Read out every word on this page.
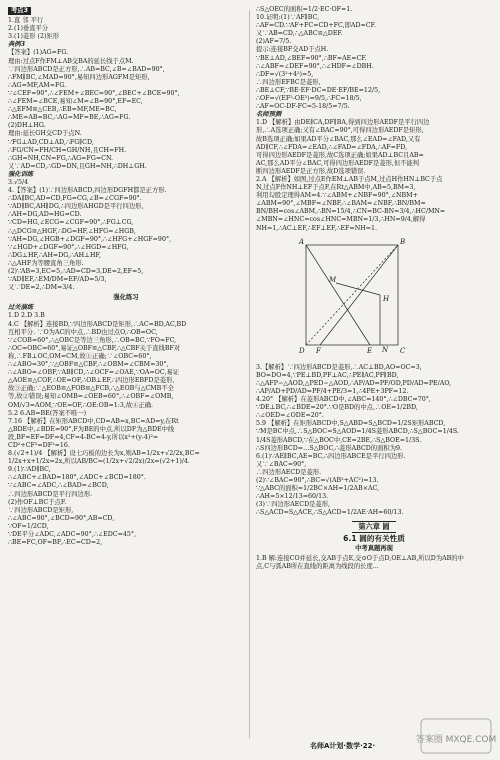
考点3
1.直 邻 平行
2.(1)垂直平分
3.(1)菱形 (2)矩形
典例3
【答案】(1)AG=FG.
理由:过点F作FM⊥AB交BA的延长线于点M.
∵四边形ABCD是正方形,∴AB=BC,∠B=∠BAD=90°,
∴FM∥BC,∠MAD=90°,易知四边形AGFM是矩形,
∴AG=MF,AM=FG.
∵∠CEF=90°,∴∠FEM+∠BEC=90°,∠BEC+∠BCE=90°,
∴∠FEM=∠BCE,易知∠M=∠B=90°,EF=EC,
∴△EFM≌△CEB,∴EB=MF,ME=BC,
∴ME=AB=BC,∴AG=MF=BE,∴AG=FG.
(2)DH⊥HG.
理由:延长GH交CD于点N.
∵FG⊥AD,CD⊥AD,∴FG∥CD,
∴FG/CN=FH/CH=GH/NH,且CH=FH.
∴GH=NH,CN=FG,∴AG=FG=CN.
又∵AD=CD,∴GD=DN,且GH=NH,∴DH⊥GH.
强化训练
3.√5/4
4.【答案】(1)∵四边形ABCD,四边形DGFH都是正方形.
∴DA∥BC,AD=CD,FG=CG,∠B=∠CGF=90°.
∵AD∥BC,AH∥DG,∴四边形AHGD是平行四边形,
∴AH=DG,AD=HG=CD.
∵CD=HG,∠ECG=∠CGF=90°,∴FG⊥CG,
∴△DCG≌△HGF,∴DG=HF,∠HFG=∠HGB,
∵AH=DG,∠HGB+∠DGF=90°,∴∠HFG+∠HGF=90°,
∵∠HGD+∠DGF=90°,∴∠HGD=∠HFG,
∴DG⊥HF,∴AH=DG,∴AH⊥HF,
∴△AHF为等腰直角三角形.
(2)∵AB=3,EC=5,∴AD=CD=3,DE=2,EF=5,
∵AD∥EF,∴EM/DM=EF/AD=5/3,
又∵DE=2,∴DM=3/4.
强化练习
过关演练
1.D 2.D 3.B
4.C 【解析】连接BD,∵四边形ABCD是矩形,∴AC=BD,AC,BD
互相平分. ∵O为AC的中点,∴BD也过点O,∴OB=OC,
∵∠COB=60°,∴△OBC是等边三角形,∴OB=BC,∵FO=FC,
∴OC=OBC=60°,易证△OBF≌△CBF,∴△CBF关于直线BF对
称,∴FB⊥OC,OM=CM,故①正确;∵∠OBC=60°,
∴∠ABO=30°,∵△OBF≌△CBF,∴∠OBM=∠CBM=30°,
∴∠ABO=∠OBF,∵AB∥CD,∴∠OCF=∠OAE,∵OA=OC,易证
△AOE≌△COF,∴OE=OF,∴OB⊥EF,∴四边形EBFD是菱形,
故③正确;∵△EOB≌△FOB≌△FCB,∴△EOB与△CMB不全
等,故②错误;易知∠OMB=∠OEB=60°,∴∠OBF=∠OMB,
OM/√3=AOM,∵OE=OF,∴OE:OB=1:3,故④正确.
5.2 6.AB=BE(答案不唯一)
7.16 【解析】在矩形ABCD中,CD=AB=x,BC=AD=y,在Rt
△BDE中,∠BDE=90°,F为BE的中点,所以DF为△BDE中线
段,BF=EF=DF=4,CF=4-BC=4-y,所以x²+(y-4)²=
CD²+CF²=DF²=16.
8.(√2+1)/4 【解析】设七巧板的边长为x,则AB=1/2x+√2/2x,BC=
1/2x+x+1/2x=2x,所以AB/BC=(1/2x+√2/2x)/2x=(√2+1)/4.
9.(1)∵AD∥BC,
∴∠ABC+∠BAD=180°,∠ADC+∠BCD=180°.
∵∠ABC=∠ADC,∴∠BAD=∠BCD,
∴四边形ABCD是平行四边形.
(2)作OF⊥BC于点F.
∵四边形ABCD是矩形,
∴∠ABC=90°,∠BCD=90°,AB=CD,
∵OF=1/2CD,
∵DE平分∠ADC,∠ADC=90°,∴∠EDC=45°,
∴BE=FC,OF=BF,∴EC=CD=2,
∴S△OEC的面积=1/2·EC·OF=1.
10.证明:(1)∵AF∥BC,
∴AF=CD.∵AF+FC=CD+FC,即AD=CF.
又∵AB=CD,∴△ABC≌△DEF.
(2)AF=7/5.
提示:连接BF交AD于点H.
∵BE⊥AD,∠BEF=90°,∴BF=AE=CF.
∴∠ABF=∠DEF=90°,∴∠HDF=∠DBH.
∴DF=√(3²+4²)=5,
∴四边形EFBC是菱形,
∴BE⊥CF,∵BE·EF·DC=DE·EF/BE=12/5,
∴OF=√(EF²-OE²)=9/5,∴FC=18/5,
∴AF=OC-DF-FC=5-18/5=7/5.
名师预测
1.D 【解析】由DE∥CA,DF∥BA,得到四边形AEDF是平行四边
形,∴A选项正确;又有∠BAC=90°,可得四边形AEDF是矩形,
故B选项正确;如果AD平分∠BAC,那么∠EAD=∠FAD,又有
AD∥CF,∴∠FDA=∠EAD,∴∠FAD=∠FDA,∴AF=FD,
可得四边形AEDF是菱形,故C选项正确;如果AD⊥BC且AB=
AC,那么AD平分∠BAC,可得四边形AEDF是菱形,但不能判
断四边形AEDF是正方形,故D选项错误.
2.A 【解析】如图,过点E作EM⊥AB于点M,过点H作HN⊥BC于点
N,过点F作NH⊥EF于点F,在Rt△ABM中,AB=5,BM=3,
利用勾股定理得AM=4.∵∠ABM+∠NBF=90°,∠NBM+
∠ABM=90°,∠MBF=∠NBF,∴∠BAM=∠NBF,∴BN/BM=
BN/BH=cos∠ABM,∴BN=15/4,∴CN=BC-BN=3/4,∴HC/MN=
∠MBN=∠HNC=cos∠HNC=MBN=1/3,∴HN=9/4,解得
NH=1,∴AC⊥EF,∴EF⊥EF,∴EF=NH=1.
A	B
C
D	E
F
H
M
N
3.【解析】∵四边形ABCD是菱形,∴AC⊥BD,AO=OC=3,
BO=DO=4,∵PE⊥BD,PF⊥AC,∴PE∥AC,PF∥BD,
∴△AFP∽△AOD,△PED∽△AOD,∴AP/AD=PF/OD,PD/AD=PE/AO,
∴AP/AD+PD/AD=PF/4+PE/3=1,∴4PE+3PF=12.
4.20° 【解析】在菱形ABCD中,∠ABC=140°,∴∠DBC=70°,
∵DE⊥BC,∴∠BDE=20°.∵O是BD的中点,∴OE=1/2BD,
∴∠OED=∠ODE=20°.
5.9 【解析】在矩形ABCD中,S△ABD=S△BCD=1/2S矩形ABCD,
∵M是BC中点,∴S△BOC=S△AOD=1/4S菱形ABCD,∴S△BOC=1/4S.
1/4S菱形ABCD,∵在△BOC中,CE=2BE,∴S△BOE=1/3S.
∴S四边形BCD=…S△BOC,∴菱形ABCD的面积为9.
6.(1)∵AE∥BC,AE=BC,∴四边形ABCE是平行四边形.
又∵∠BAC=90°,
∴四边形AECD是菱形.
(2)∵∠BAC=90°,∴BC=√(AB²+AC²)=13.
∵△ABC的面积=1/2BC×AH=1/2AB×AC,
∴AH=5×12/13=60/13.
(3)∵四边形AECD是菱形,
∴S△ACD=S△ACE,∴S△ACD=1/2AE·AH=60/13.
第六章 圆
6.1 圆的有关性质
中考真题再现
1.B 解:连接CO并延长,交AB于点E,交⊙O于点D,OE⊥AB,所以D为AB的中
点,C与弧AB所在直线的距离为线段的长度...
名师A计划·数学·22·
答案圈 MXQE.COM
